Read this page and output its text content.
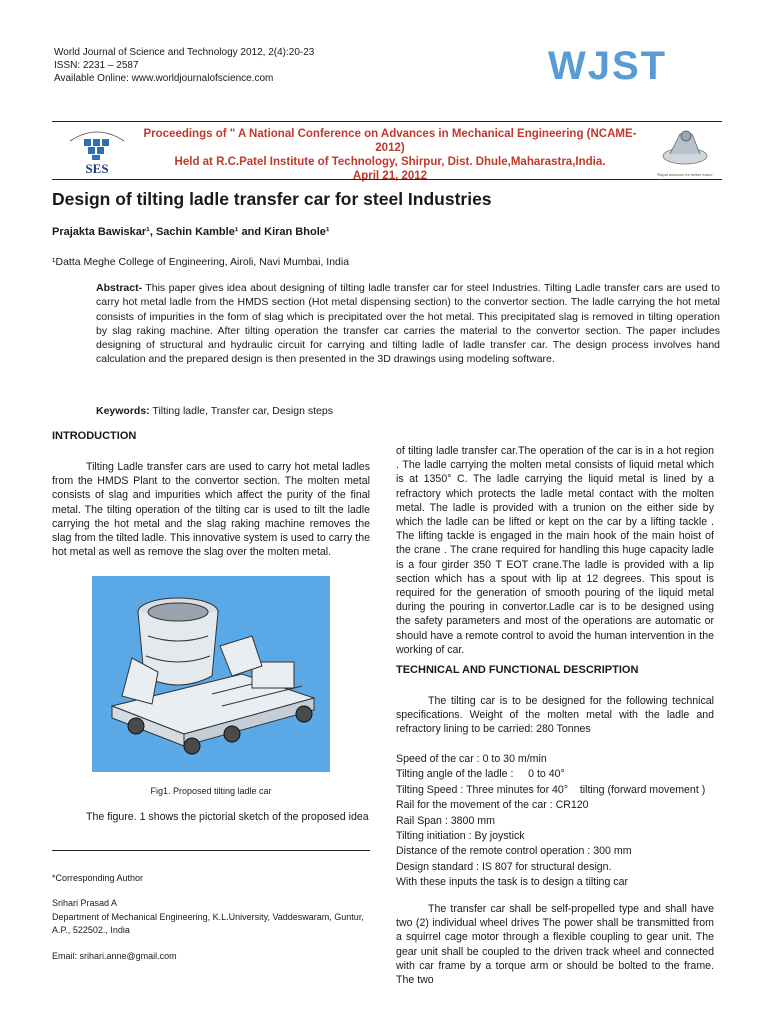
World Journal of Science and Technology 2012, 2(4):20-23
ISSN: 2231 – 2587
Available Online: www.worldjournalofscience.com	WJST
SES
Proceedings of " A National Conference on Advances in Mechanical Engineering (NCAME-2012)
Held at R.C.Patel Institute of Technology, Shirpur, Dist. Dhule,Maharastra,India.
April 21, 2012	Rapid advance for better future
Design of tilting ladle transfer car for steel Industries
Prajakta Bawiskar¹, Sachin Kamble¹ and Kiran Bhole¹
¹Datta Meghe College of Engineering, Airoli, Navi Mumbai, India
Abstract- This paper gives idea about designing of tilting ladle transfer car for steel Industries. Tilting Ladle transfer cars are used to carry hot metal ladle from the HMDS section (Hot metal dispensing section) to the convertor section. The ladle carrying the hot metal consists of impurities in the form of slag which is precipitated over the hot metal. This precipitated slag is removed in tilting operation by slag raking machine. After tilting operation the transfer car carries the material to the convertor section. The paper includes designing of structural and hydraulic circuit for carrying and tilting ladle of ladle transfer car. The design process involves hand calculation and the prepared design is then presented in the 3D drawings using modeling software.
Keywords: Tilting ladle, Transfer car, Design steps
INTRODUCTION
Tilting Ladle transfer cars are used to carry hot metal ladles from the HMDS Plant to the convertor section. The molten metal consists of slag and impurities which affect the purity of the final metal. The tilting operation of the tilting car is used to tilt the ladle carrying the hot metal and the slag raking machine removes the slag from the tilted ladle. This innovative system is used to carry the hot metal as well as remove the slag over the molten metal.
Fig1. Proposed tilting ladle car
The figure. 1 shows the pictorial sketch of the proposed idea
*Corresponding Author
Srihari Prasad A
Department of Mechanical Engineering, K.L.University, Vaddeswaram, Guntur, A.P., 522502., India
Email: srihari.anne@gmail.com
of tilting ladle transfer car.The operation of the car is in a hot region . The ladle carrying the molten metal consists of liquid metal which is at 1350° C. The ladle carrying the liquid metal is lined by a refractory which protects the ladle metal contact with the molten metal. The ladle is provided with a trunion on the either side by which the ladle can be lifted or kept on the car by a lifting tackle . The lifting tackle is engaged in the main hook of the main hoist of the crane . The crane required for handling this huge capacity ladle is a four girder 350 T EOT crane.The ladle is provided with a lip section which has a spout with lip at 12 degrees. This spout is required for the generation of smooth pouring of the liquid metal during the pouring in convertor.Ladle car is to be designed using the safety parameters and most of the operations are automatic or should have a remote control to avoid the human intervention in the working of car.
TECHNICAL AND FUNCTIONAL DESCRIPTION
The tilting car is to be designed for the following technical specifications. Weight of the molten metal with the ladle and refractory lining to be carried: 280 Tonnes
Speed of the car : 0 to 30 m/min
Tilting angle of the ladle :     0 to 40°
Tilting Speed : Three minutes for 40°    tilting (forward movement )
Rail for the movement of the car : CR120
Rail Span : 3800 mm
Tilting initiation : By joystick
Distance of the remote control operation : 300 mm
Design standard : IS 807 for structural design.
With these inputs the task is to design a tilting car
The transfer car shall be self-propelled type and shall have two (2) individual wheel drives The power shall be transmitted from a squirrel cage motor through a flexible coupling to gear unit. The gear unit shall be coupled to the driven track wheel and connected with car frame by a torque arm or should be bolted to the frame. The two
